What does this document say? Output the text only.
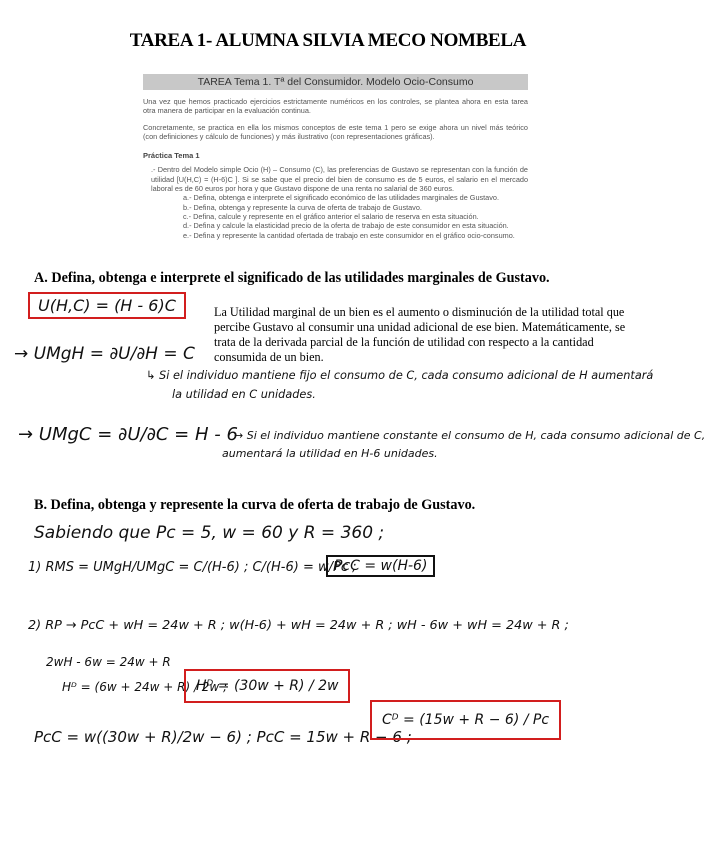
TAREA 1- ALUMNA SILVIA MECO NOMBELA
TAREA Tema 1. Tª del Consumidor. Modelo Ocio-Consumo

Una vez que hemos practicado ejercicios estrictamente numéricos en los controles, se plantea ahora en esta tarea otra manera de participar en la evaluación continua.

Concretamente, se practica en ella los mismos conceptos de este tema 1 pero se exige ahora un nivel más teórico (con definiciones y cálculo de funciones) y más ilustrativo (con representaciones gráficas).

Práctica Tema 1

.- Dentro del Modelo simple Ocio (H) – Consumo (C), las preferencias de Gustavo se representan con la función de utilidad [U(H,C) = (H-6)C ]. Si se sabe que el precio del bien de consumo es de 5 euros, el salario en el mercado laboral es de 60 euros por hora y que Gustavo dispone de una renta no salarial de 360 euros.

a.- Defina, obtenga e interprete el significado económico de las utilidades marginales de Gustavo.

b.- Defina, obtenga y represente la curva de oferta de trabajo de Gustavo.

c.- Defina, calcule y represente en el gráfico anterior el salario de reserva en esta situación.

d.- Defina y calcule la elasticidad precio de la oferta de trabajo de este consumidor en esta situación.

e.- Defina y represente la cantidad ofertada de trabajo en este consumidor en el gráfico ocio-consumo.

A. Defina, obtenga e interprete el significado de las utilidades marginales de Gustavo.
U(H,C) = (H - 6)C	La Utilidad marginal de un bien es el aumento o disminución de la utilidad total que percibe Gustavo al consumir una unidad adicional de ese bien. Matemáticamente, se trata de la derivada parcial de la función de utilidad con respecto a la cantidad consumida de un bien.
→ UMgH = ∂U/∂H = C
↳ Si el individuo mantiene fijo el consumo de C, cada consumo adicional de H aumentará
la utilidad en C unidades.
→ UMgC = ∂U/∂C = H - 6
→ Si el individuo mantiene constante el consumo de H, cada consumo adicional de C,
aumentará la utilidad en H-6 unidades.
B. Defina, obtenga y represente la curva de oferta de trabajo de Gustavo.
Sabiendo que Pc = 5, w = 60 y R = 360 ;
1) RMS = UMgH/UMgC = C/(H-6) ; C/(H-6) = w/Pc ;
PcC = w(H-6)
2) RP → PcC + wH = 24w + R ; w(H-6) + wH = 24w + R ; wH - 6w + wH = 24w + R ;
2wH - 6w = 24w + R
Hᴰ = (6w + 24w + R) / 2w ;
Hᴰ = (30w + R) / 2w
PcC = w((30w + R)/2w − 6) ; PcC = 15w + R − 6 ;
Cᴰ = (15w + R − 6) / Pc
